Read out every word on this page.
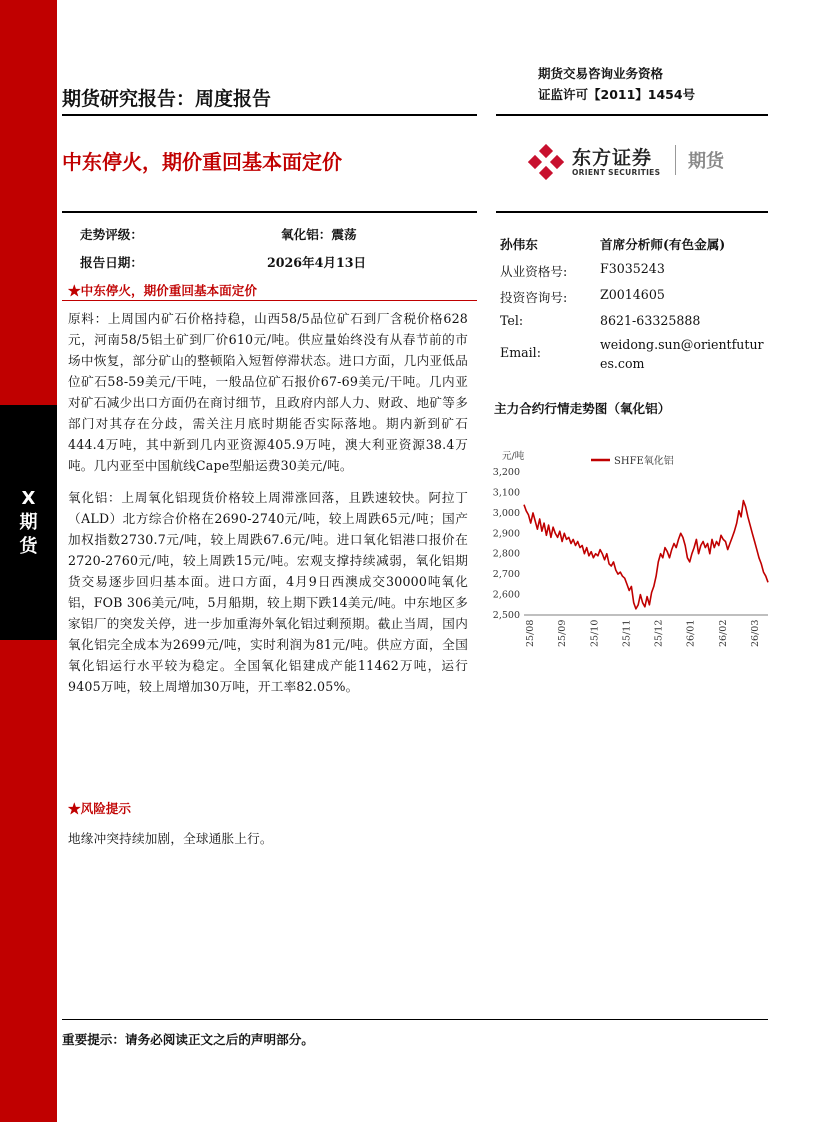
X
期
货
期货研究报告：周度报告
期货交易咨询业务资格
证监许可【2011】1454号
中东停火，期价重回基本面定价	东方证券
ORIENT SECURITIES
期货
走势评级：	氧化铝：震荡
报告日期：	2026年4月13日
★中东停火，期价重回基本面定价

原料：上周国内矿石价格持稳，山西58/5品位矿石到厂含税价格628元，河南58/5铝土矿到厂价610元/吨。供应量始终没有从春节前的市场中恢复，部分矿山的整顿陷入短暂停滞状态。进口方面，几内亚低品位矿石58-59美元/干吨，一般品位矿石报价67-69美元/干吨。几内亚对矿石减少出口方面仍在商讨细节，且政府内部人力、财政、地矿等多部门对其存在分歧，需关注月底时期能否实际落地。期内新到矿石444.4万吨，其中新到几内亚资源405.9万吨，澳大利亚资源38.4万吨。几内亚至中国航线Cape型船运费30美元/吨。

氧化铝：上周氧化铝现货价格较上周滞涨回落，且跌速较快。阿拉丁（ALD）北方综合价格在2690-2740元/吨，较上周跌65元/吨；国产加权指数2730.7元/吨，较上周跌67.6元/吨。进口氧化铝港口报价在2720-2760元/吨，较上周跌15元/吨。宏观支撑持续减弱，氧化铝期货交易逐步回归基本面。进口方面，4月9日西澳成交30000吨氧化铝，FOB 306美元/吨，5月船期，较上期下跌14美元/吨。中东地区多家铝厂的突发关停，进一步加重海外氧化铝过剩预期。截止当周，国内氧化铝完全成本为2699元/吨，实时利润为81元/吨。供应方面，全国氧化铝运行水平较为稳定。全国氧化铝建成产能11462万吨，运行9405万吨，较上周增加30万吨，开工率82.05%。

★风险提示
地缘冲突持续加剧，全球通胀上行。
孙伟东	首席分析师(有色金属)
从业资格号:	F3035243
投资咨询号:	Z0014605
Tel:	8621-63325888
Email:
weidong.sun@orientfutures.com
主力合约行情走势图（氧化铝）
元/吨
2,500
2,600
2,700
2,800
2,900
3,000
3,100
3,200
25/08 25/09 25/10 25/11 25/12 26/01 26/02 26/03
SHFE氧化铝
重要提示：请务必阅读正文之后的声明部分。
